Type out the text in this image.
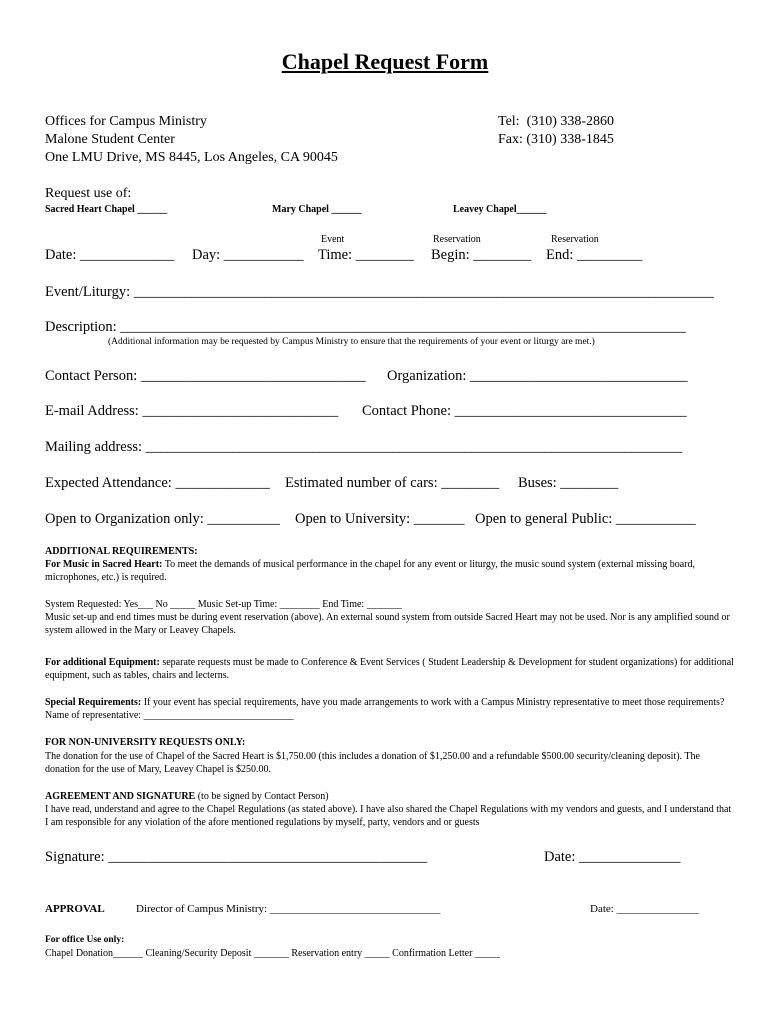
Chapel Request Form
Offices for Campus Ministry
Malone Student Center
One LMU Drive, MS 8445, Los Angeles, CA 90045
Tel:  (310) 338-2860
Fax: (310) 338-1845
Request use of:
Sacred Heart Chapel ______	Mary Chapel ______	Leavey Chapel______
Event	Reservation	Reservation
Date: _____________ Day: ___________ Time: ________ Begin: ________ End: _________
Event/Liturgy: ________________________________________________________________________________
Description: ______________________________________________________________________________
(Additional information may be requested by Campus Ministry to ensure that the requirements of your event or liturgy are met.)
Contact Person: _______________________________ Organization: ______________________________
E-mail Address: ___________________________ Contact Phone: ________________________________
Mailing address: __________________________________________________________________________
Expected Attendance: _____________ Estimated number of cars: ________ Buses: ________
Open to Organization only: __________ Open to University: _______ Open to general Public: ___________
ADDITIONAL REQUIREMENTS:
For Music in Sacred Heart: To meet the demands of musical performance in the chapel for any event or liturgy, the music sound system (external missing board, microphones, etc.) is required.
System Requested: Yes___ No _____ Music Set-up Time: ________ End Time: _______
Music set-up and end times must be during event reservation (above). An external sound system from outside Sacred Heart may not be used. Nor is any amplified sound or system allowed in the Mary or Leavey Chapels.
For additional Equipment: separate requests must be made to Conference & Event Services ( Student Leadership & Development for student organizations) for additional equipment, such as tables, chairs and lecterns.
Special Requirements: If your event has special requirements, have you made arrangements to work with a Campus Ministry representative to meet those requirements? Name of representative: ______________________________
FOR NON-UNIVERSITY REQUESTS ONLY:
The donation for the use of Chapel of the Sacred Heart is $1,750.00 (this includes a donation of $1,250.00 and a refundable $500.00 security/cleaning deposit). The donation for the use of Mary, Leavey Chapel is $250.00.
AGREEMENT AND SIGNATURE (to be signed by Contact Person)
I have read, understand and agree to the Chapel Regulations (as stated above). I have also shared the Chapel Regulations with my vendors and guests, and I understand that I am responsible for any violation of the afore mentioned regulations by myself, party, vendors and or guests
Signature: ____________________________________________	Date: ______________
APPROVAL	Director of Campus Ministry: _______________________________	Date: _______________
For office Use only:
Chapel Donation______ Cleaning/Security Deposit _______ Reservation entry _____ Confirmation Letter _____
